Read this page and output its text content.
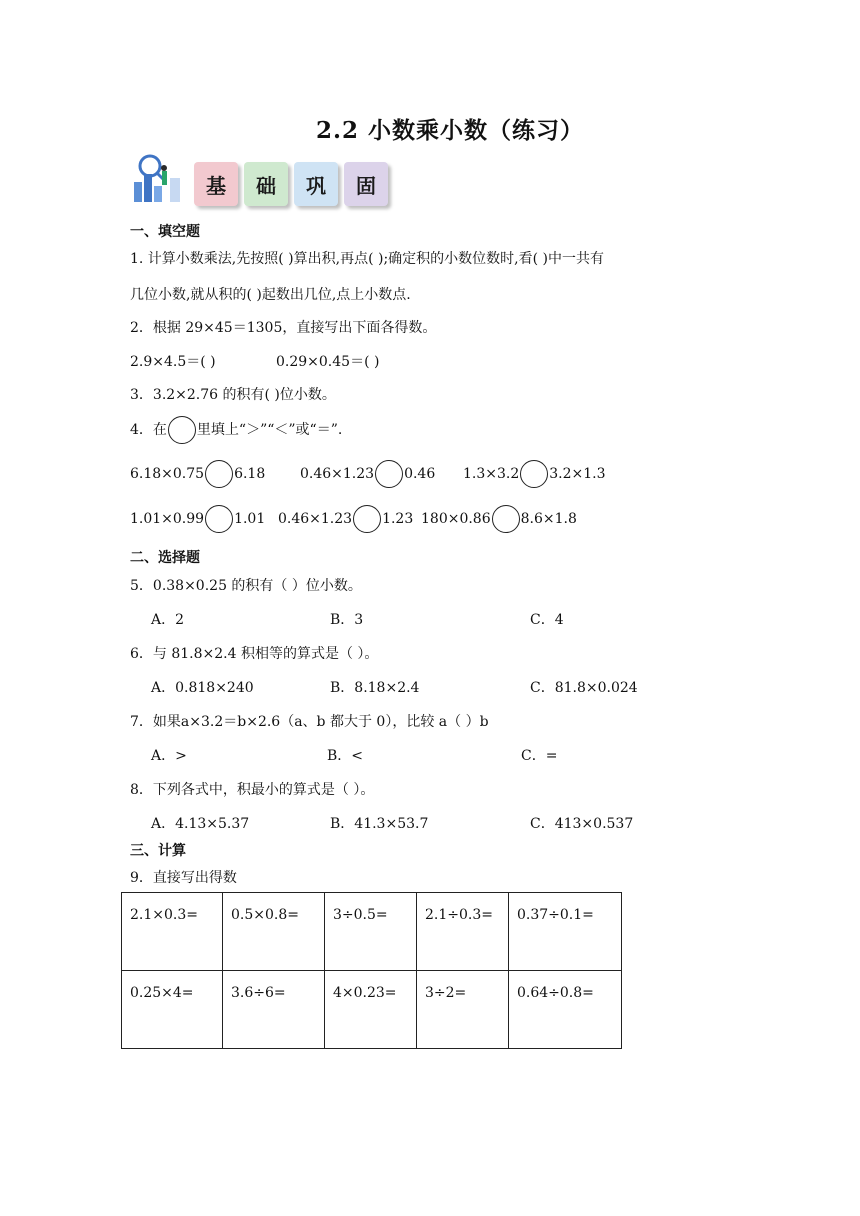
2.2 小数乘小数（练习）
基	础	巩	固
一、填空题
1. 计算小数乘法,先按照( )算出积,再点( );确定积的小数位数时,看( )中一共有
几位小数,就从积的( )起数出几位,点上小数点.
2．根据 29×45＝1305，直接写出下面各得数。
2.9×4.5＝( )	0.29×0.45＝( )
3．3.2×2.76 的积有( )位小数。
4．在 里填上“＞”“＜”或“＝”.
6.18×0.75 6.18 0.46×1.23 0.46 1.3×3.2 3.2×1.3
1.01×0.99 1.01 0.46×1.23 1.23 180×0.86 8.6×1.8
二、选择题
5．0.38×0.25 的积有（ ）位小数。
A．2	B．3	C．4
6．与 81.8×2.4 积相等的算式是（ ）。
A．0.818×240	B．8.18×2.4	C．81.8×0.024
7．如果a×3.2＝b×2.6（a、b 都大于 0），比较 a（ ）b
A．>	B．<	C．=
8．下列各式中，积最小的算式是（ ）。
A．4.13×5.37	B．41.3×53.7	C．413×0.537
三、计算
9．直接写出得数
2.1×0.3=	0.5×0.8=	3÷0.5=	2.1÷0.3=	0.37÷0.1=
0.25×4=	3.6÷6=	4×0.23=	3÷2=	0.64÷0.8=
